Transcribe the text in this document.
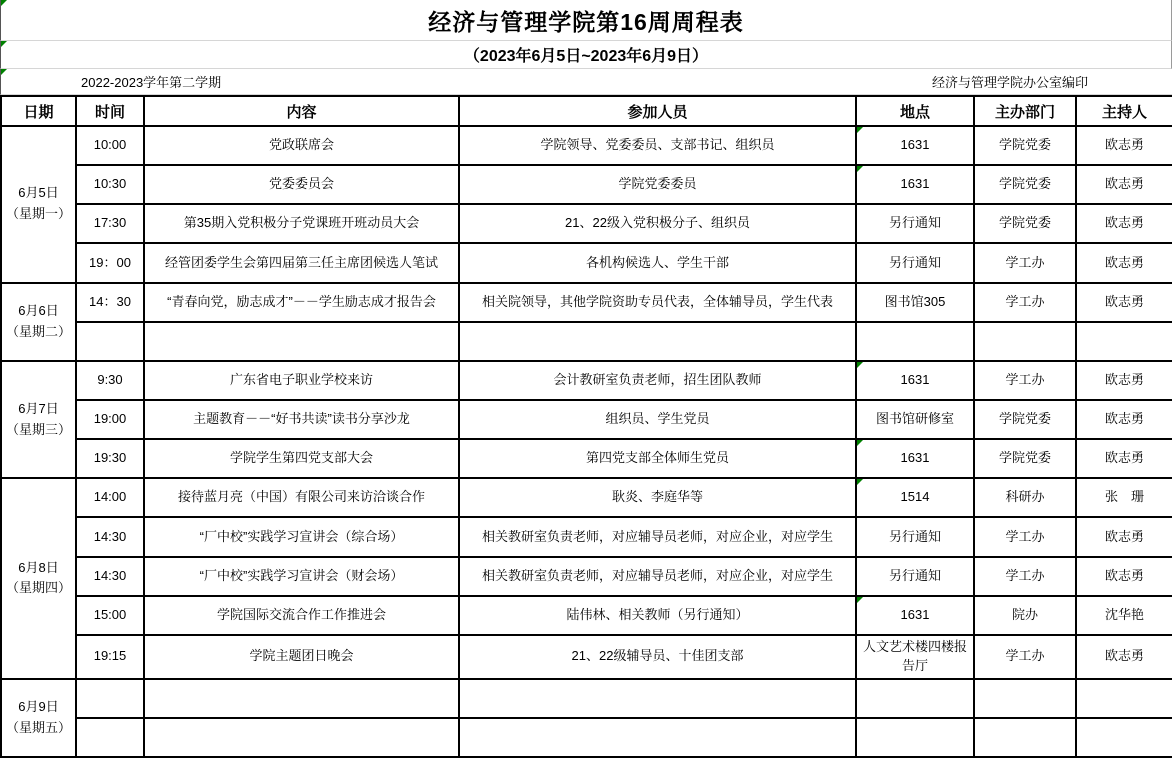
经济与管理学院第16周周程表
（2023年6月5日~2023年6月9日）
2022-2023学年第二学期	经济与管理学院办公室编印
日期	时间	内容	参加人员	地点	主办部门	主持人

6月5日
（星期一）	10:00	党政联席会	学院领导、党委委员、支部书记、组织员	1631	学院党委	欧志勇
	10:30	党委委员会	学院党委委员	1631	学院党委	欧志勇
	17:30	第35期入党积极分子党课班开班动员大会	21、22级入党积极分子、组织员	另行通知	学院党委	欧志勇
	19：00	经管团委学生会第四届第三任主席团候选人笔试	各机构候选人、学生干部	另行通知	学工办	欧志勇

6月6日
（星期二）	14：30	“青春向党，励志成才”－－学生励志成才报告会	相关院领导，其他学院资助专员代表，全体辅导员，学生代表	图书馆305	学工办	欧志勇

6月7日
（星期三）	9:30	广东省电子职业学校来访	会计教研室负责老师，招生团队教师	1631	学工办	欧志勇
	19:00	主题教育－－“好书共读”读书分享沙龙	组织员、学生党员	图书馆研修室	学院党委	欧志勇
	19:30	学院学生第四党支部大会	第四党支部全体师生党员	1631	学院党委	欧志勇

6月8日
（星期四）	14:00	接待蓝月亮（中国）有限公司来访洽谈合作	耿炎、李庭华等	1514	科研办	张　珊
	14:30	“厂中校”实践学习宣讲会（综合场）	相关教研室负责老师，对应辅导员老师，对应企业，对应学生	另行通知	学工办	欧志勇
	14:30	“厂中校”实践学习宣讲会（财会场）	相关教研室负责老师，对应辅导员老师，对应企业，对应学生	另行通知	学工办	欧志勇
	15:00	学院国际交流合作工作推进会	陆伟林、相关教师（另行通知）	1631	院办	沈华艳
	19:15	学院主题团日晚会	21、22级辅导员、十佳团支部	人文艺术楼四楼报告厅	学工办	欧志勇

6月9日
（星期五）						
